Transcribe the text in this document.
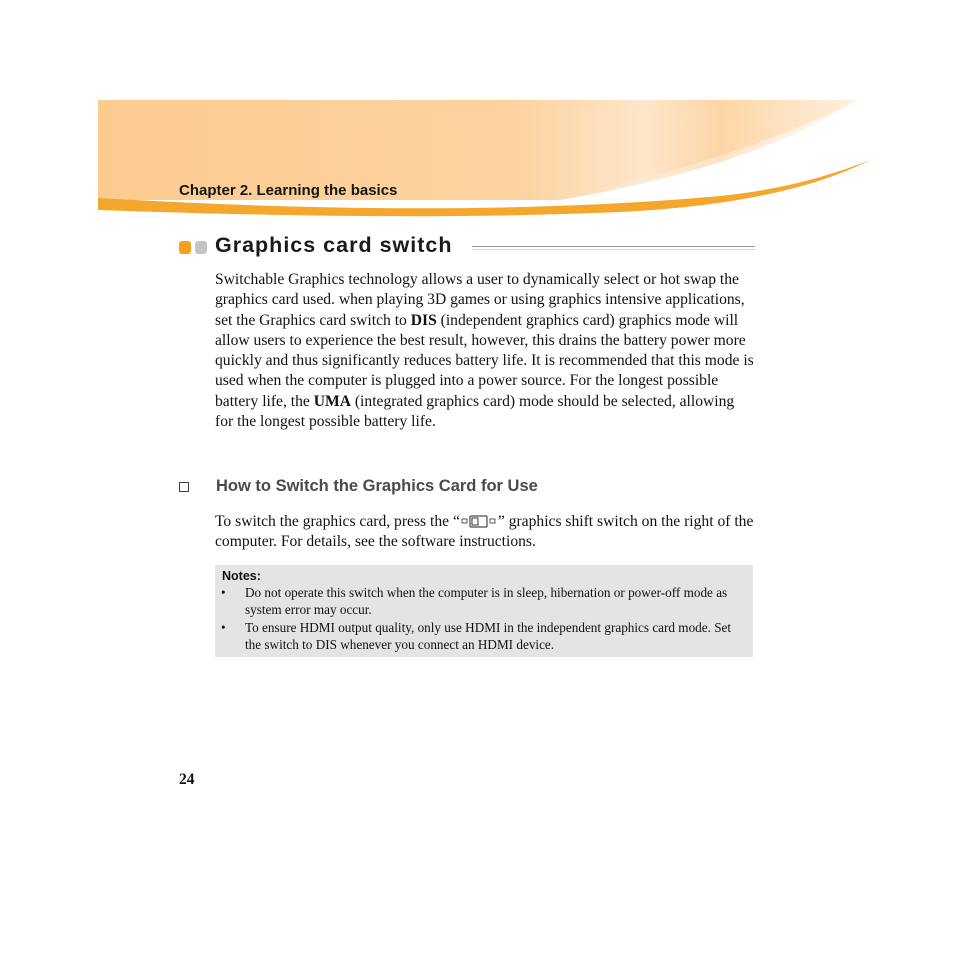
Chapter 2. Learning the basics
Graphics card switch

Switchable Graphics technology allows a user to dynamically select or hot swap the graphics card used. when playing 3D games or using graphics intensive applications, set the Graphics card switch to DIS (independent graphics card) graphics mode will allow users to experience the best result, however, this drains the battery power more quickly and thus significantly reduces battery life. It is recommended that this mode is used when the computer is plugged into a power source. For the longest possible battery life, the UMA (integrated graphics card) mode should be selected, allowing for the longest possible battery life.

How to Switch the Graphics Card for Use

To switch the graphics card, press the “ ” graphics shift switch on the right of the computer. For details, see the software instructions.

Notes:
• Do not operate this switch when the computer is in sleep, hibernation or power-off mode as system error may occur.
• To ensure HDMI output quality, only use HDMI in the independent graphics card mode. Set the switch to DIS whenever you connect an HDMI device.
24
